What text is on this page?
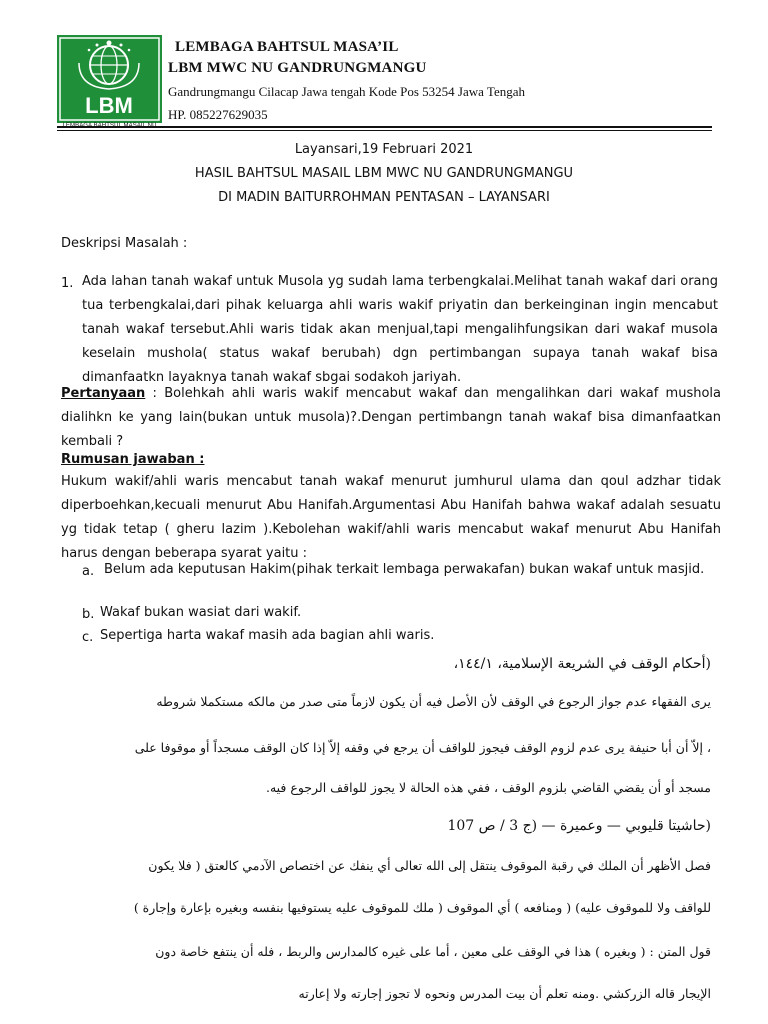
LBM
LEMBAGA BAHTSUL MASA’IL
LBM MWC NU GANDRUNGMANGU
Gandrungmangu Cilacap Jawa tengah Kode Pos 53254 Jawa Tengah
HP. 085227629035
Layansari,19 Februari 2021
HASIL BAHTSUL MASAIL LBM MWC NU GANDRUNGMANGU
DI MADIN BAITURROHMAN PENTASAN – LAYANSARI
Deskripsi Masalah :
1. Ada lahan tanah wakaf untuk Musola yg sudah lama terbengkalai.Melihat tanah wakaf dari orang tua terbengkalai,dari pihak keluarga ahli waris wakif priyatin dan berkeinginan ingin mencabut tanah wakaf tersebut.Ahli waris tidak akan menjual,tapi mengalihfungsikan dari wakaf musola keselain mushola( status wakaf berubah) dgn pertimbangan supaya tanah wakaf bisa dimanfaatkn layaknya tanah wakaf sbgai sodakoh jariyah.
Pertanyaan : Bolehkah ahli waris wakif mencabut wakaf dan mengalihkan dari wakaf mushola dialihkn ke yang lain(bukan untuk musola)?.Dengan pertimbangn tanah wakaf bisa dimanfaatkan kembali ?
Rumusan jawaban :
Hukum wakif/ahli waris mencabut tanah wakaf menurut jumhurul ulama dan qoul adzhar tidak diperboehkan,kecuali menurut Abu Hanifah.Argumentasi Abu Hanifah bahwa wakaf adalah sesuatu yg tidak tetap ( gheru lazim ).Kebolehan wakif/ahli waris mencabut wakaf menurut Abu Hanifah harus dengan beberapa syarat yaitu :
a. Belum ada keputusan Hakim(pihak terkait lembaga perwakafan) bukan wakaf untuk masjid.
b. Wakaf bukan wasiat dari wakif.
c. Sepertiga harta wakaf masih ada bagian ahli waris.
(أحكام الوقف في الشريعة الإسلامية، ١٤٤/١،
يرى الفقهاء عدم جواز الرجوع في الوقف لأن الأصل فيه أن يكون لازماً متى صدر من مالكه مستكملا شروطه
، إلاّ أن أبا حنيفة يرى عدم لزوم الوقف فيجوز للواقف أن يرجع في وقفه إلاّ إذا كان الوقف مسجداً أو موقوفا على
مسجد أو أن يقضي القاضي بلزوم الوقف ، ففي هذه الحالة لا يجوز للواقف الرجوع فيه.
(حاشيتا قليوبي — وعميرة — (ج 3 / ص 107
فصل الأظهر أن الملك في رقبة الموقوف ينتقل إلى الله تعالى أي ينفك عن اختصاص الآدمي كالعتق ( فلا يكون
للواقف ولا للموقوف عليه) ( ومنافعه ) أي الموقوف ( ملك للموقوف عليه يستوفيها بنفسه وبغيره بإعارة وإجارة )
قول المتن : ( وبغيره ) هذا في الوقف على معين ، أما على غيره كالمدارس والربط ، فله أن ينتفع خاصة دون
الإيجار قاله الزركشي .ومنه تعلم أن بيت المدرس ونحوه لا تجوز إجارته ولا إعارته
